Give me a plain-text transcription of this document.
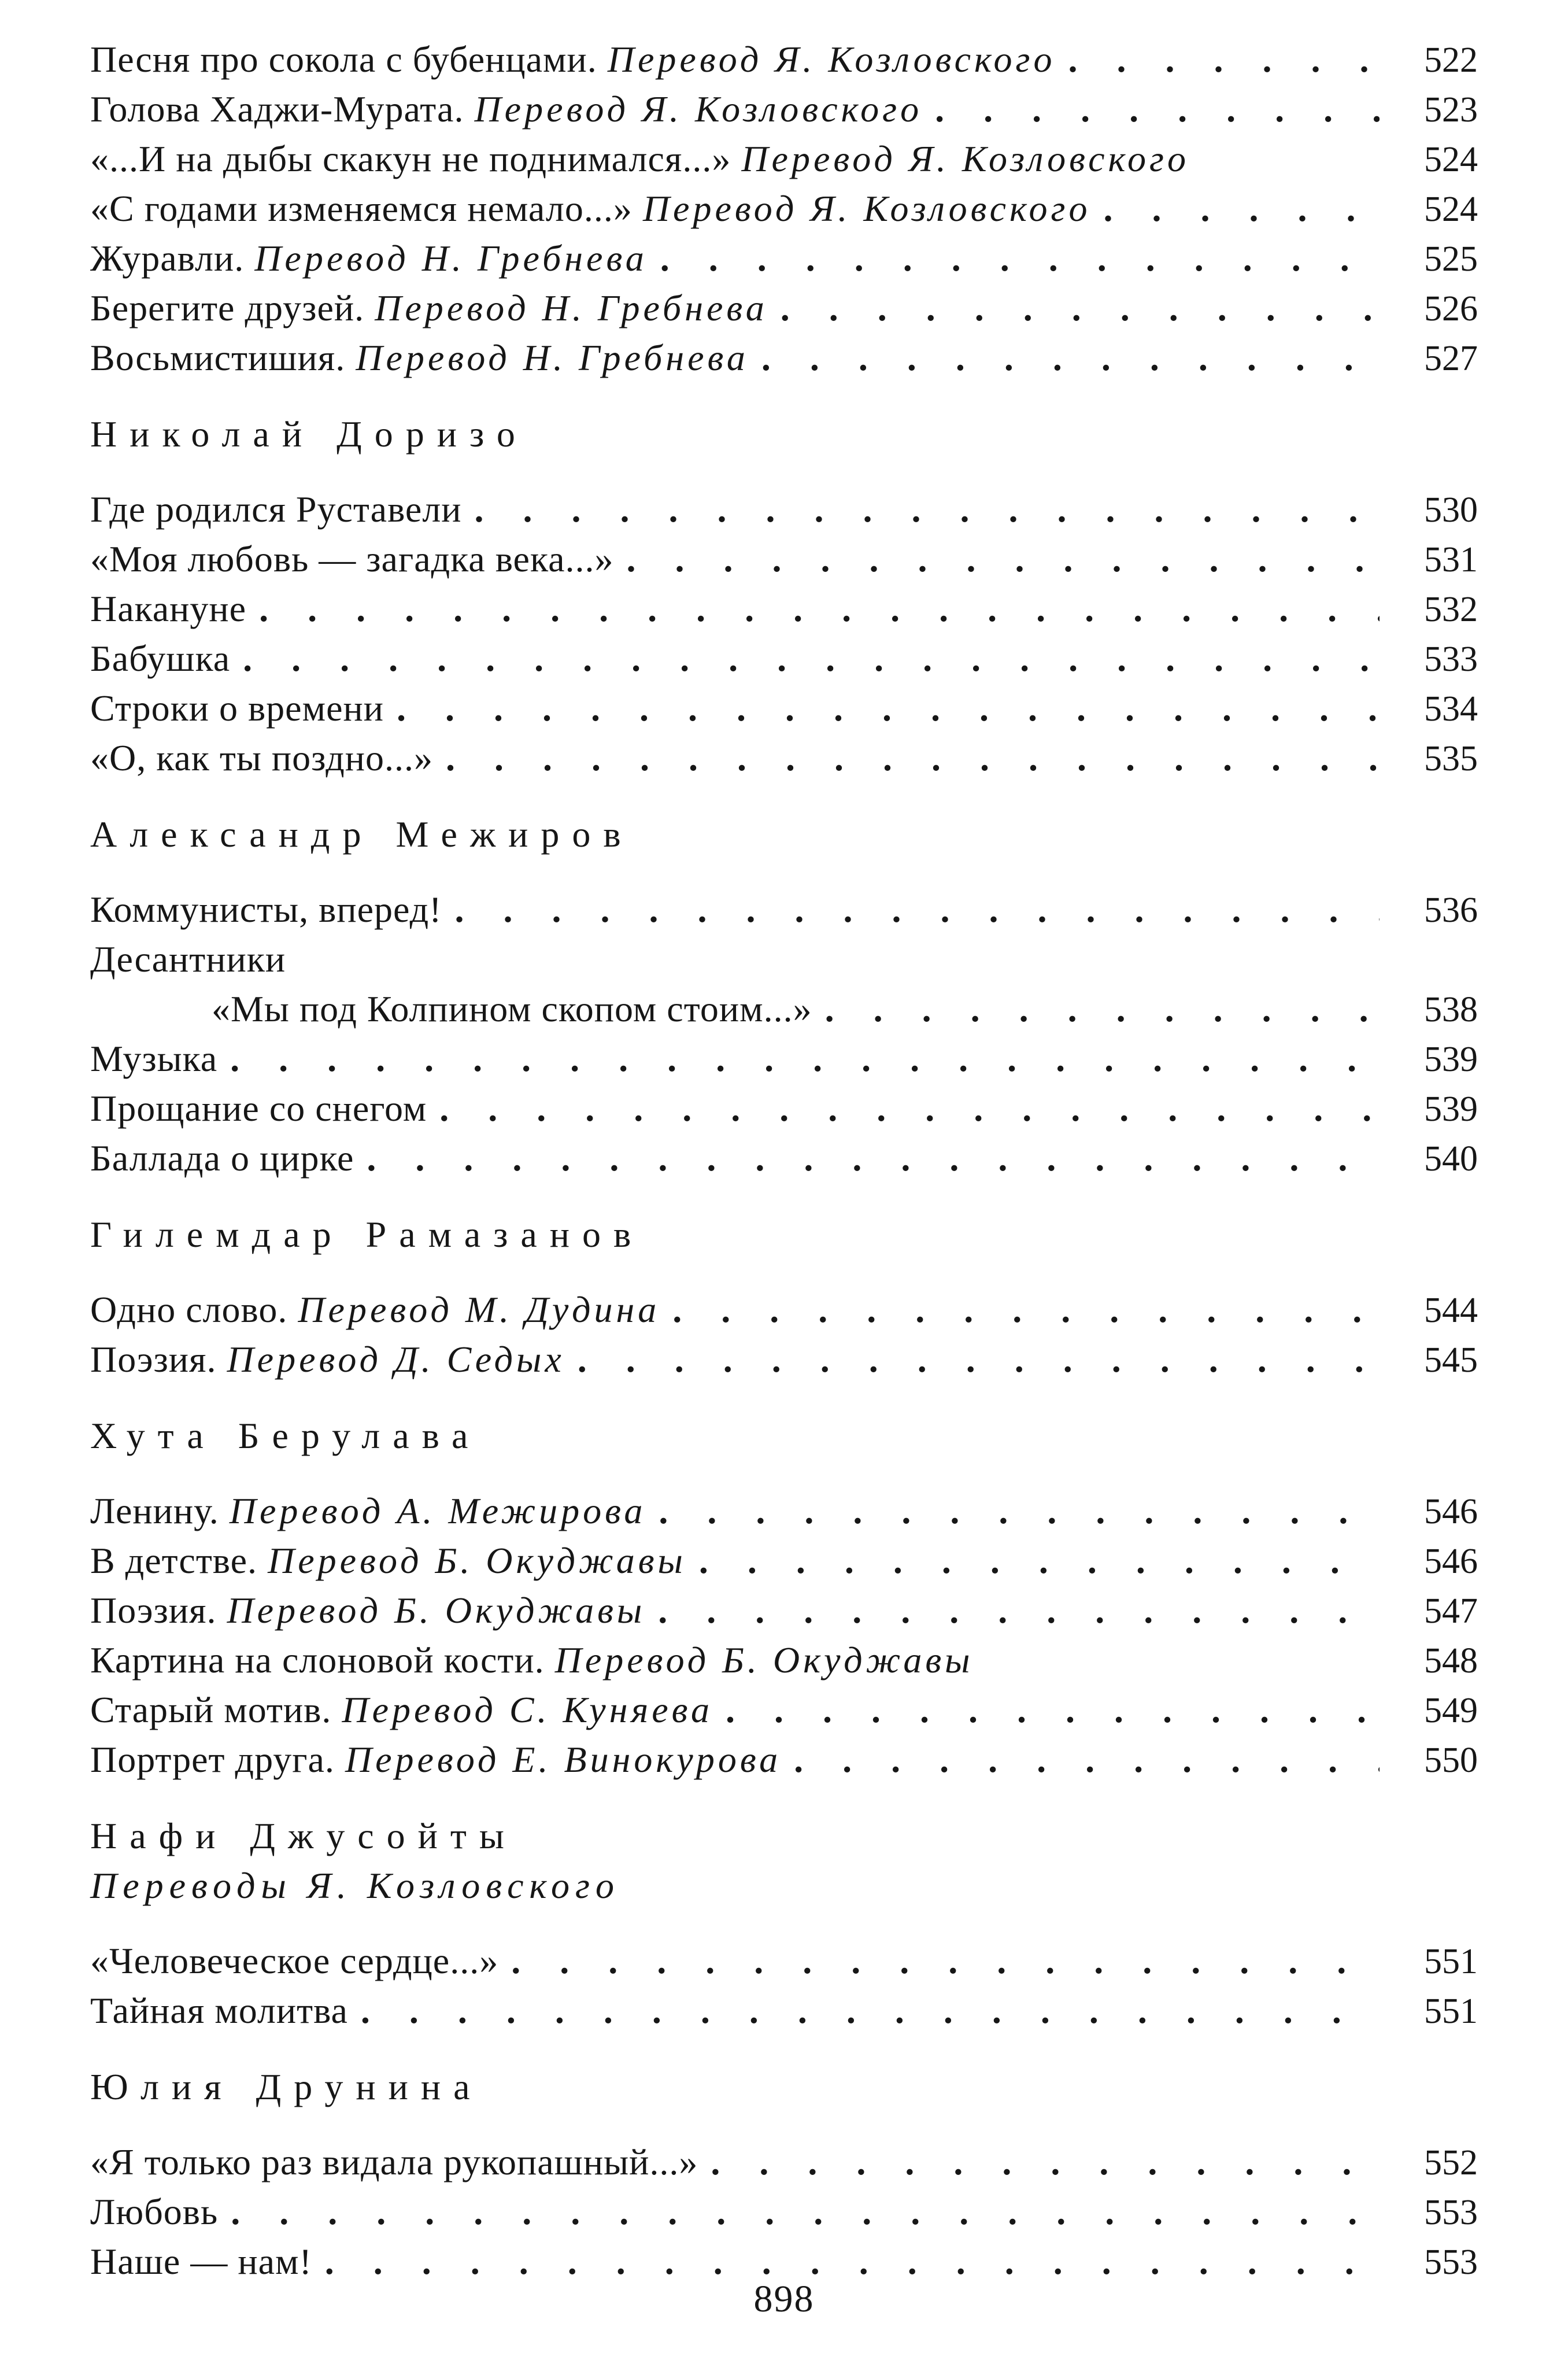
Песня про сокола с бубенцами. Перевод Я. Козловского . . .	522
Голова Хаджи-Мурата. Перевод Я. Козловского . . .	523
«...И на дыбы скакун не поднимался...» Перевод Я. Козловского	524
«С годами изменяемся немало...» Перевод Я. Козловского . . .	524
Журавли. Перевод Н. Гребнева . . .	525
Берегите друзей. Перевод Н. Гребнева . . .	526
Восьмистишия. Перевод Н. Гребнева . . .	527
Николай Доризо
Где родился Руставели . . .	530
«Моя любовь — загадка века...» . . .	531
Накануне . . .	532
Бабушка . . .	533
Строки о времени . . .	534
«О, как ты поздно...» . . .	535
Александр Межиров
Коммунисты, вперед! . . .	536
Десантники
«Мы под Колпином скопом стоим...» . . .	538
Музыка . . .	539
Прощание со снегом . . .	539
Баллада о цирке . . .	540
Гилемдар Рамазанов
Одно слово. Перевод М. Дудина . . .	544
Поэзия. Перевод Д. Седых . . .	545
Хута Берулава
Ленину. Перевод А. Межирова . . .	546
В детстве. Перевод Б. Окуджавы . . .	546
Поэзия. Перевод Б. Окуджавы . . .	547
Картина на слоновой кости. Перевод Б. Окуджавы	548
Старый мотив. Перевод С. Куняева . . .	549
Портрет друга. Перевод Е. Винокурова . . .	550
Нафи Джусойты
Переводы Я. Козловского
«Человеческое сердце...» . . .	551
Тайная молитва . . .	551
Юлия Друнина
«Я только раз видала рукопашный...» . . .	552
Любовь . . .	553
Наше — нам! . . .	553
898
